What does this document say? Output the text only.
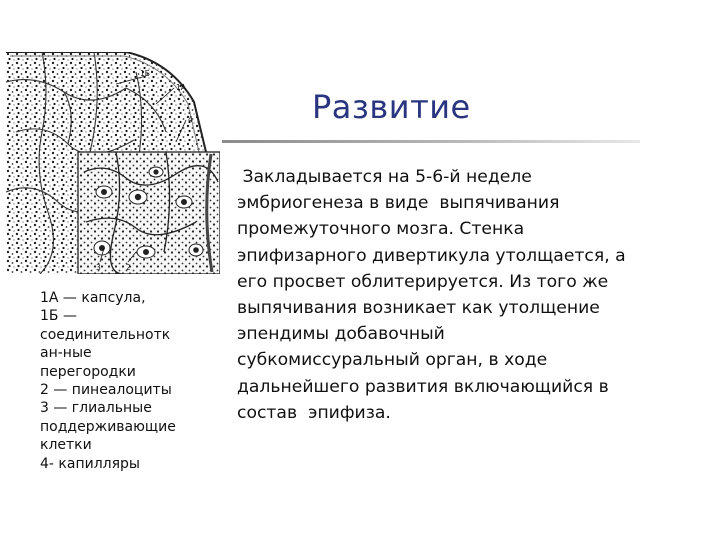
1Б
1А
4
3	2
Развитие
Закладывается на 5-6-й неделе
эмбриогенеза в виде  выпячивания
промежуточного мозга. Стенка
эпифизарного дивертикула утолщается, а
его просвет облитерируется. Из того же
выпячивания возникает как утолщение
эпендимы добавочный
субкомиссуральный орган, в ходе
дальнейшего развития включающийся в
состав  эпифиза.
1А — капсула,
1Б —
соединительнотк
ан-ные
перегородки
2 — пинеалоциты
3 — глиальные
поддерживающие
клетки
4- капилляры
